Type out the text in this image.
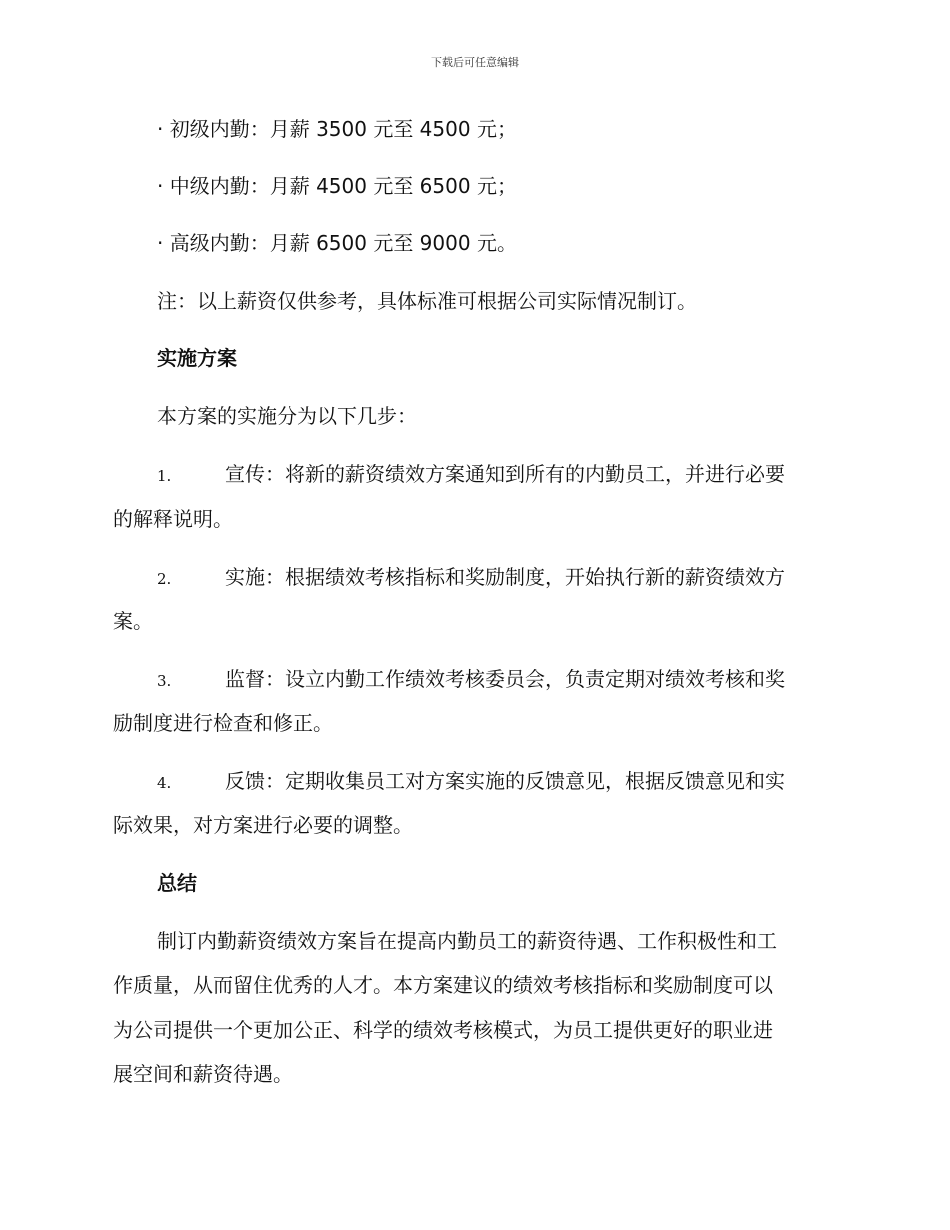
下载后可任意编辑
· 初级内勤：月薪 3500 元至 4500 元；
· 中级内勤：月薪 4500 元至 6500 元；
· 高级内勤：月薪 6500 元至 9000 元。
注：以上薪资仅供参考，具体标准可根据公司实际情况制订。
实施方案
本方案的实施分为以下几步：
1.	宣传：将新的薪资绩效方案通知到所有的内勤员工，并进行必要
的解释说明。
2.	实施：根据绩效考核指标和奖励制度，开始执行新的薪资绩效方
案。
3.	监督：设立内勤工作绩效考核委员会，负责定期对绩效考核和奖
励制度进行检查和修正。
4.	反馈：定期收集员工对方案实施的反馈意见，根据反馈意见和实
际效果，对方案进行必要的调整。
总结
制订内勤薪资绩效方案旨在提高内勤员工的薪资待遇、工作积极性和工
作质量，从而留住优秀的人才。本方案建议的绩效考核指标和奖励制度可以
为公司提供一个更加公正、科学的绩效考核模式，为员工提供更好的职业进
展空间和薪资待遇。
